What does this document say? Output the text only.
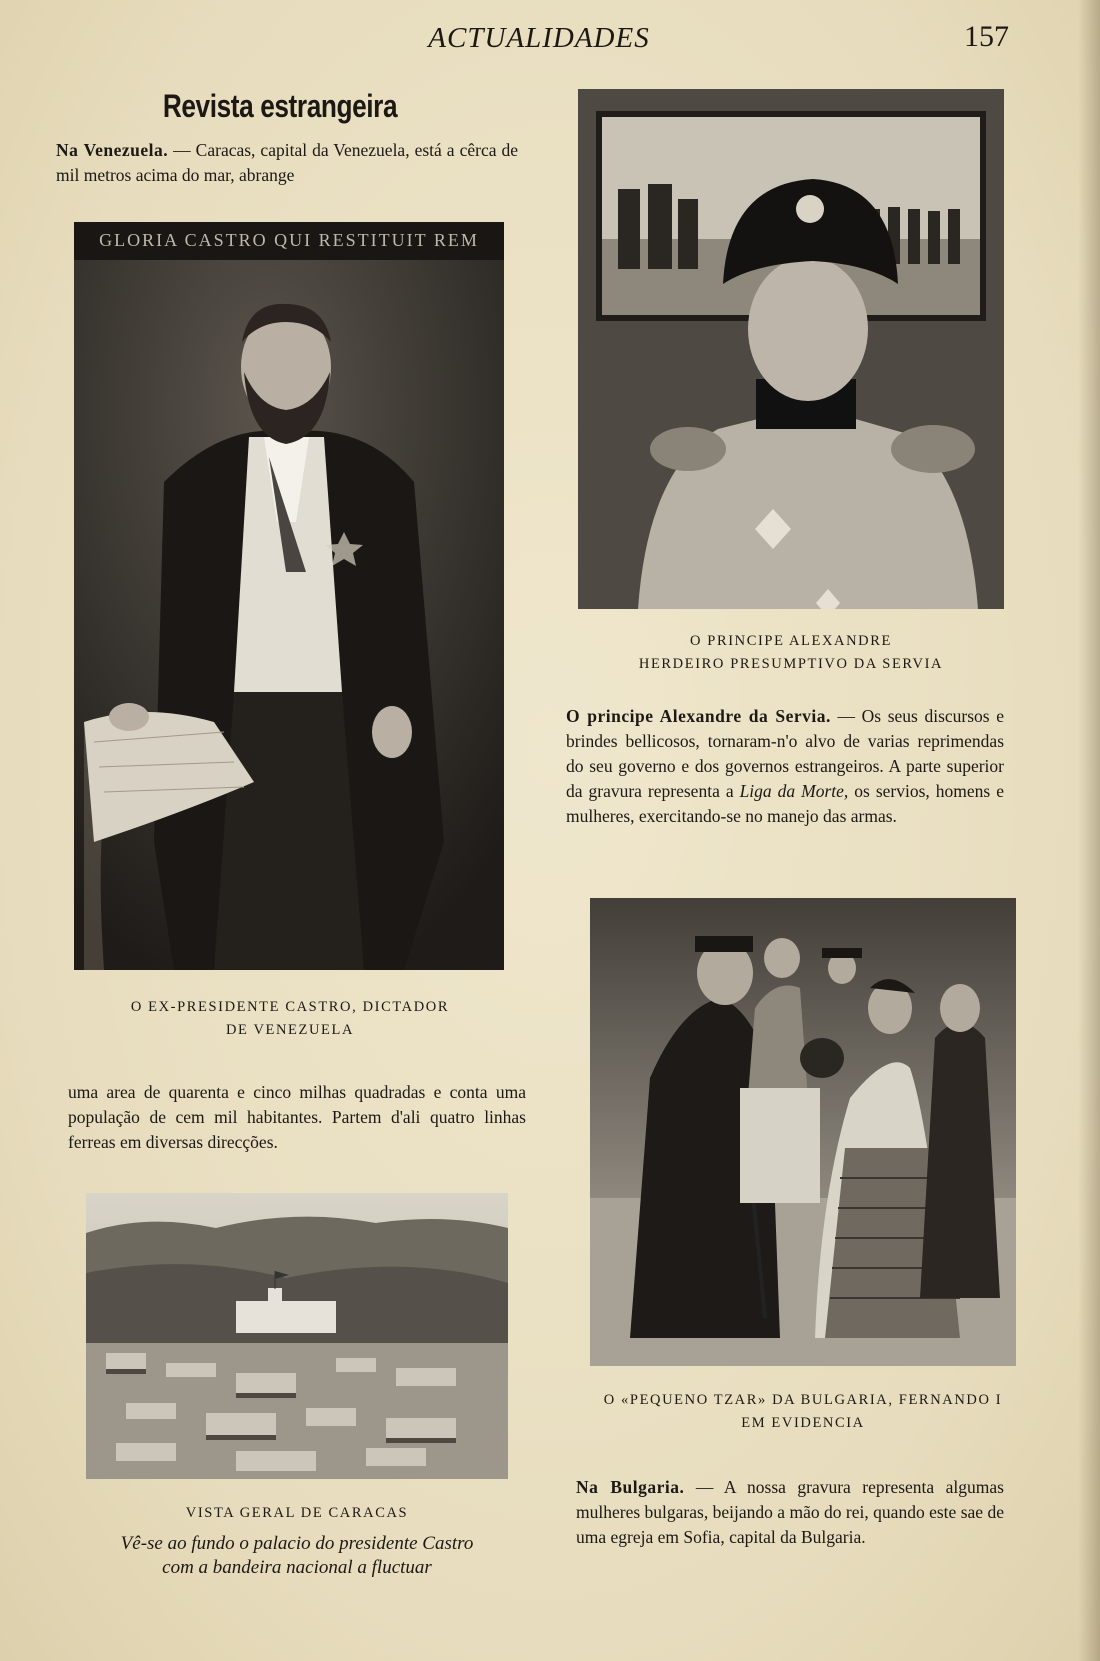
ACTUALIDADES	157
Revista estrangeira
Na Venezuela. — Caracas, capital da Venezuela, está a cêrca de mil metros acima do mar, abrange
GLORIA CASTRO QUI RESTITUIT REM
O EX-PRESIDENTE CASTRO, DICTADOR
DE VENEZUELA
uma area de quarenta e cinco milhas quadradas e conta uma população de cem mil habitantes. Partem d'ali quatro linhas ferreas em diversas direcções.
VISTA GERAL DE CARACAS
Vê-se ao fundo o palacio do presidente Castro
com a bandeira nacional a fluctuar
O PRINCIPE ALEXANDRE
HERDEIRO PRESUMPTIVO DA SERVIA
O principe Alexandre da Servia. — Os seus discursos e brindes bellicosos, tornaram-n'o alvo de varias reprimendas do seu governo e dos governos estrangeiros. A parte superior da gravura representa a Liga da Morte, os servios, homens e mulheres, exercitando-se no manejo das armas.
O «PEQUENO TZAR» DA BULGARIA, FERNANDO I
EM EVIDENCIA
Na Bulgaria. — A nossa gravura representa algumas mulheres bulgaras, beijando a mão do rei, quando este sae de uma egreja em Sofia, capital da Bulgaria.
